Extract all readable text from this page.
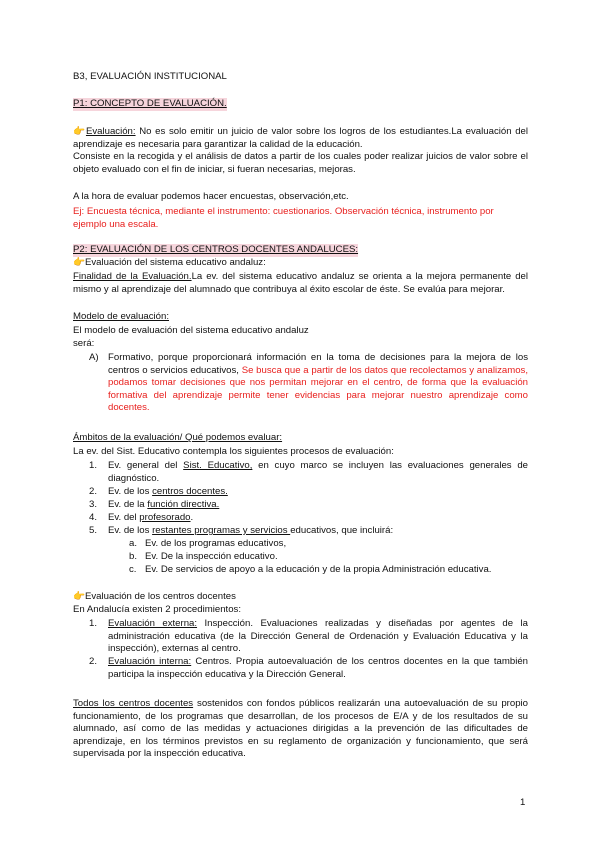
B3, EVALUACIÓN INSTITUCIONAL
P1: CONCEPTO DE EVALUACIÓN.
👉Evaluación: No es solo emitir un juicio de valor sobre los logros de los estudiantes.La evaluación del aprendizaje es necesaria para garantizar la calidad de la educación.
Consiste en la recogida y el análisis de datos a partir de los cuales poder realizar juicios de valor sobre el objeto evaluado con el fin de iniciar, si fueran necesarias, mejoras.
A la hora de evaluar podemos hacer encuestas, observación,etc.
Ej: Encuesta técnica, mediante el instrumento: cuestionarios. Observación técnica, instrumento por ejemplo una escala.
P2: EVALUACIÓN DE LOS CENTROS DOCENTES ANDALUCES:
👉Evaluación del sistema educativo andaluz:
Finalidad de la Evaluación.La ev. del sistema educativo andaluz se orienta a la mejora permanente del mismo y al aprendizaje del alumnado que contribuya al éxito escolar de éste. Se evalúa para mejorar.
Modelo de evaluación:
El modelo de evaluación del sistema educativo andaluz
será:
A) Formativo, porque proporcionará información en la toma de decisiones para la mejora de los centros o servicios educativos, Se busca que a partir de los datos que recolectamos y analizamos, podamos tomar decisiones que nos permitan mejorar en el centro, de forma que la evaluación formativa del aprendizaje permite tener evidencias para mejorar nuestro aprendizaje como docentes.
Ámbitos de la evaluación/ Qué podemos evaluar:
La ev. del Sist. Educativo contempla los siguientes procesos de evaluación:
1. Ev. general del Sist. Educativo, en cuyo marco se incluyen las evaluaciones generales de diagnóstico.
2. Ev. de los centros docentes.
3. Ev. de la función directiva.
4. Ev. del profesorado.
5. Ev. de los restantes programas y servicios educativos, que incluirá:
a. Ev. de los programas educativos,
b. Ev. De la inspección educativo.
c. Ev. De servicios de apoyo a la educación y de la propia Administración educativa.
👉Evaluación de los centros docentes
En Andalucía existen 2 procedimientos:
1. Evaluación externa: Inspección. Evaluaciones realizadas y diseñadas por agentes de la administración educativa (de la Dirección General de Ordenación y Evaluación Educativa y la inspección), externas al centro.
2. Evaluación interna: Centros. Propia autoevaluación de los centros docentes en la que también participa la inspección educativa y la Dirección General.
Todos los centros docentes sostenidos con fondos públicos realizarán una autoevaluación de su propio funcionamiento, de los programas que desarrollan, de los procesos de E/A y de los resultados de su alumnado, así como de las medidas y actuaciones dirigidas a la prevención de las dificultades de aprendizaje, en los términos previstos en su reglamento de organización y funcionamiento, que será supervisada por la inspección educativa.
1
